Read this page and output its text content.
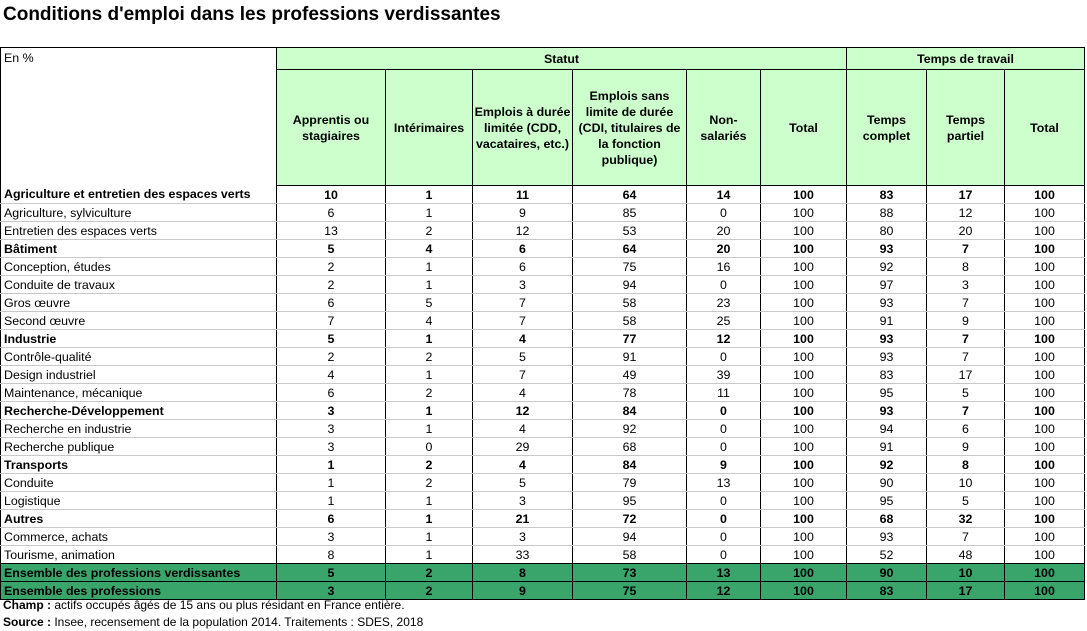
Conditions d'emploi dans les professions verdissantes
En %	Statut						Temps de travail		
	Apprentis ou stagiaires	Intérimaires	Emplois à durée limitée (CDD, vacataires, etc.)	Emplois sans limite de durée (CDI, titulaires de la fonction publique)	Non-salariés	Total	Temps complet	Temps partiel	Total
Agriculture et entretien des espaces verts	10	1	11	64	14	100	83	17	100
Agriculture, sylviculture	6	1	9	85	0	100	88	12	100
Entretien des espaces verts	13	2	12	53	20	100	80	20	100
Bâtiment	5	4	6	64	20	100	93	7	100
Conception, études	2	1	6	75	16	100	92	8	100
Conduite de travaux	2	1	3	94	0	100	97	3	100
Gros œuvre	6	5	7	58	23	100	93	7	100
Second œuvre	7	4	7	58	25	100	91	9	100
Industrie	5	1	4	77	12	100	93	7	100
Contrôle-qualité	2	2	5	91	0	100	93	7	100
Design industriel	4	1	7	49	39	100	83	17	100
Maintenance, mécanique	6	2	4	78	11	100	95	5	100
Recherche-Développement	3	1	12	84	0	100	93	7	100
Recherche en industrie	3	1	4	92	0	100	94	6	100
Recherche publique	3	0	29	68	0	100	91	9	100
Transports	1	2	4	84	9	100	92	8	100
Conduite	1	2	5	79	13	100	90	10	100
Logistique	1	1	3	95	0	100	95	5	100
Autres	6	1	21	72	0	100	68	32	100
Commerce, achats	3	1	3	94	0	100	93	7	100
Tourisme, animation	8	1	33	58	0	100	52	48	100
Ensemble des professions verdissantes	5	2	8	73	13	100	90	10	100
Ensemble des professions	3	2	9	75	12	100	83	17	100
Champ : actifs occupés âgés de 15 ans ou plus résidant en France entière.
Source : Insee, recensement de la population 2014. Traitements : SDES, 2018
